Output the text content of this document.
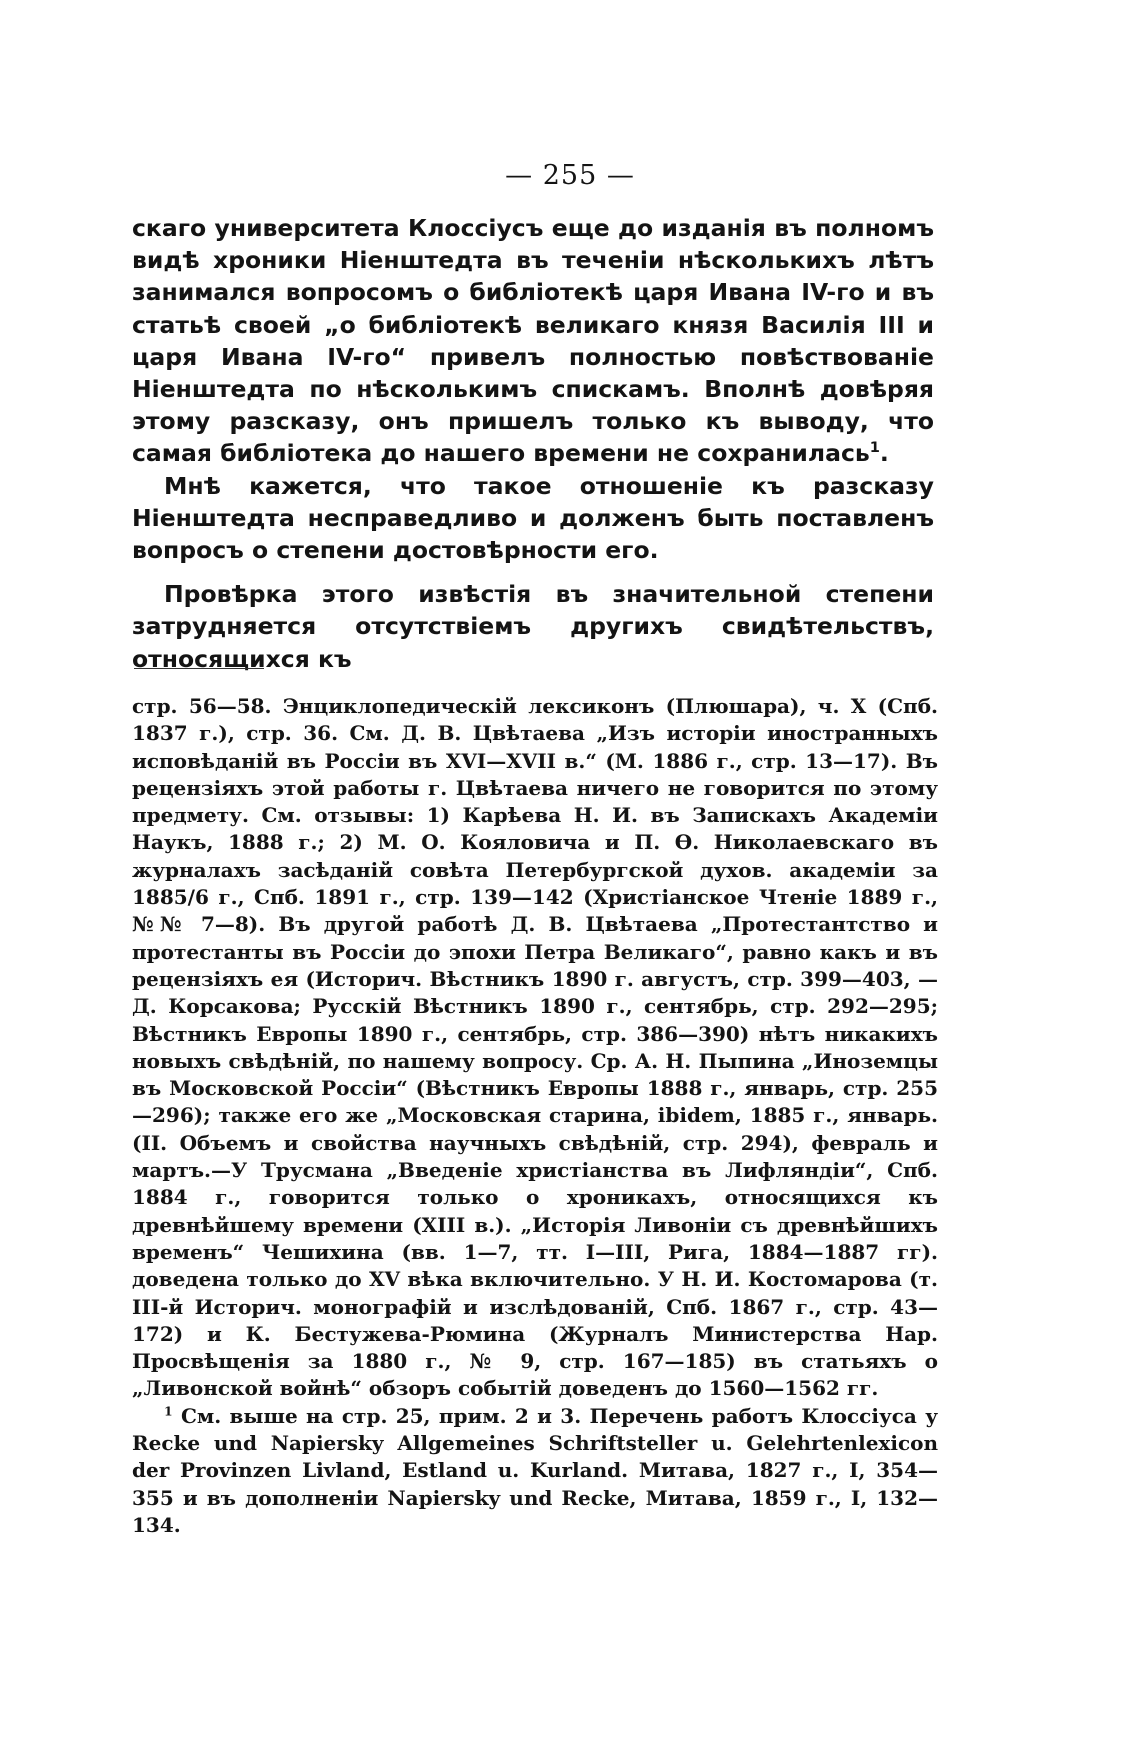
— 255 —

скаго университета Клоссіусъ еще до изданія въ полномъ видѣ хроники Ніенштедта въ теченіи нѣсколькихъ лѣтъ занимался вопросомъ о библіотекѣ царя Ивана IV-го и въ статьѣ своей „о библіотекѣ великаго князя Василія III и царя Ивана IV-го“ привелъ полностью повѣствованіе Ніенштедта по нѣсколькимъ спискамъ. Вполнѣ довѣряя этому разсказу, онъ пришелъ только къ выводу, что самая библіотека до нашего времени не сохранилась$^1$.

Мнѣ кажется, что такое отношеніе къ разсказу Ніенштедта несправедливо и долженъ быть поставленъ вопросъ о степени достовѣрности его.

Провѣрка этого извѣстія въ значительной степени затрудняется отсутствіемъ другихъ свидѣтельствъ, относящихся къ

стр. 56—58. Энциклопедическій лексиконъ (Плюшара), ч. X (Спб. 1837 г.), стр. 36. См. Д. В. Цвѣтаева „Изъ исторіи иностранныхъ исповѣданій въ Россіи въ XVI—XVII в.“ (М. 1886 г., стр. 13—17). Въ рецензіяхъ этой работы г. Цвѣтаева ничего не говорится по этому предмету. См. отзывы: 1) Карѣева Н. И. въ Запискахъ Академіи Наукъ, 1888 г.; 2) М. О. Кояловича и П. Ѳ. Николаевскаго въ журналахъ засѣданій совѣта Петербургской духов. академіи за 1885/6 г., Спб. 1891 г., стр. 139—142 (Христіанское Чтеніе 1889 г., №№ 7—8). Въ другой работѣ Д. В. Цвѣтаева „Протестантство и протестанты въ Россіи до эпохи Петра Великаго“, равно какъ и въ рецензіяхъ ея (Историч. Вѣстникъ 1890 г. августъ, стр. 399—403, — Д. Корсакова; Русскій Вѣстникъ 1890 г., сентябрь, стр. 292—295; Вѣстникъ Европы 1890 г., сентябрь, стр. 386—390) нѣтъ никакихъ новыхъ свѣдѣній, по нашему вопросу. Ср. А. Н. Пыпина „Иноземцы въ Московской Россіи“ (Вѣстникъ Европы 1888 г., январь, стр. 255—296); также его же „Московская старина, ibidem, 1885 г., январь. (II. Объемъ и свойства научныхъ свѣдѣній, стр. 294), февраль и мартъ.—У Трусмана „Введеніе христіанства въ Лифляндіи“, Спб. 1884 г., говорится только о хроникахъ, относящихся къ древнѣйшему времени (XIII в.). „Исторія Ливоніи съ древнѣйшихъ временъ“ Чешихина (вв. 1—7, тт. I—III, Рига, 1884—1887 гг). доведена только до XV вѣка включительно. У Н. И. Костомарова (т. III-й Историч. монографій и изслѣдованій, Спб. 1867 г., стр. 43—172) и К. Бестужева-Рюмина (Журналъ Министерства Нар. Просвѣщенія за 1880 г., № 9, стр. 167—185) въ статьяхъ о „Ливонской войнѣ“ обзоръ событій доведенъ до 1560—1562 гг.

$^1$ См. выше на стр. 25, прим. 2 и 3. Перечень работъ Клоссіуса у Recke und Napiersky Allgemeines Schriftsteller u. Gelehrtenlexicon der Provinzen Livland, Estland u. Kurland. Митава, 1827 г., I, 354—355 и въ дополненіи Napiersky und Recke, Митава, 1859 г., I, 132—134.
